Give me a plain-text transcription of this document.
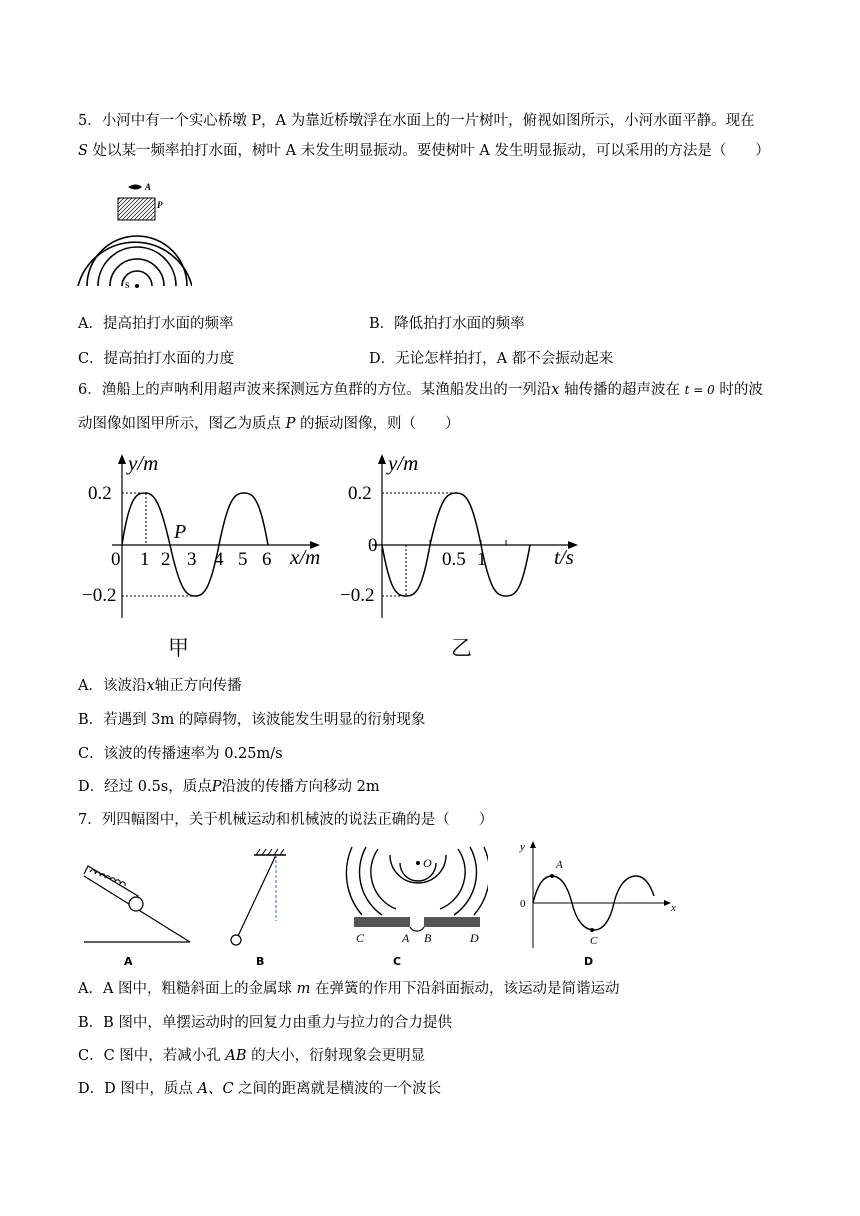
5．小河中有一个实心桥墩 P，A 为靠近桥墩浮在水面上的一片树叶，俯视如图所示，小河水面平静。现在
S 处以某一频率拍打水面，树叶 A 未发生明显振动。要使树叶 A 发生明显振动，可以采用的方法是（　　）
A
P
S
A．提高拍打水面的频率	B．降低拍打水面的频率
C．提高拍打水面的力度	D．无论怎样拍打，A 都不会振动起来
6．渔船上的声呐利用超声波来探测远方鱼群的方位。某渔船发出的一列沿x 轴传播的超声波在 t = 0 时的波
动图像如图甲所示，图乙为质点 P 的振动图像，则（　　）
y/m
x/m
0.2
−0.2
P
0 1 2 3 4 5 6
甲
y/m
t/s
0.2
−0.2
0
0.5 1
乙
A．该波沿x轴正方向传播
B．若遇到 3m 的障碍物，该波能发生明显的衍射现象
C．该波的传播速率为 0.25m/s
D．经过 0.5s，质点P沿波的传播方向移动 2m
7．列四幅图中，关于机械运动和机械波的说法正确的是（　　）
A	B
O
C	A B	D
C
y
0	x
A
C
D
A．A 图中，粗糙斜面上的金属球 m 在弹簧的作用下沿斜面振动，该运动是简谐运动
B．B 图中，单摆运动时的回复力由重力与拉力的合力提供
C．C 图中，若减小孔 AB 的大小，衍射现象会更明显
D．D 图中，质点 A、C 之间的距离就是横波的一个波长
